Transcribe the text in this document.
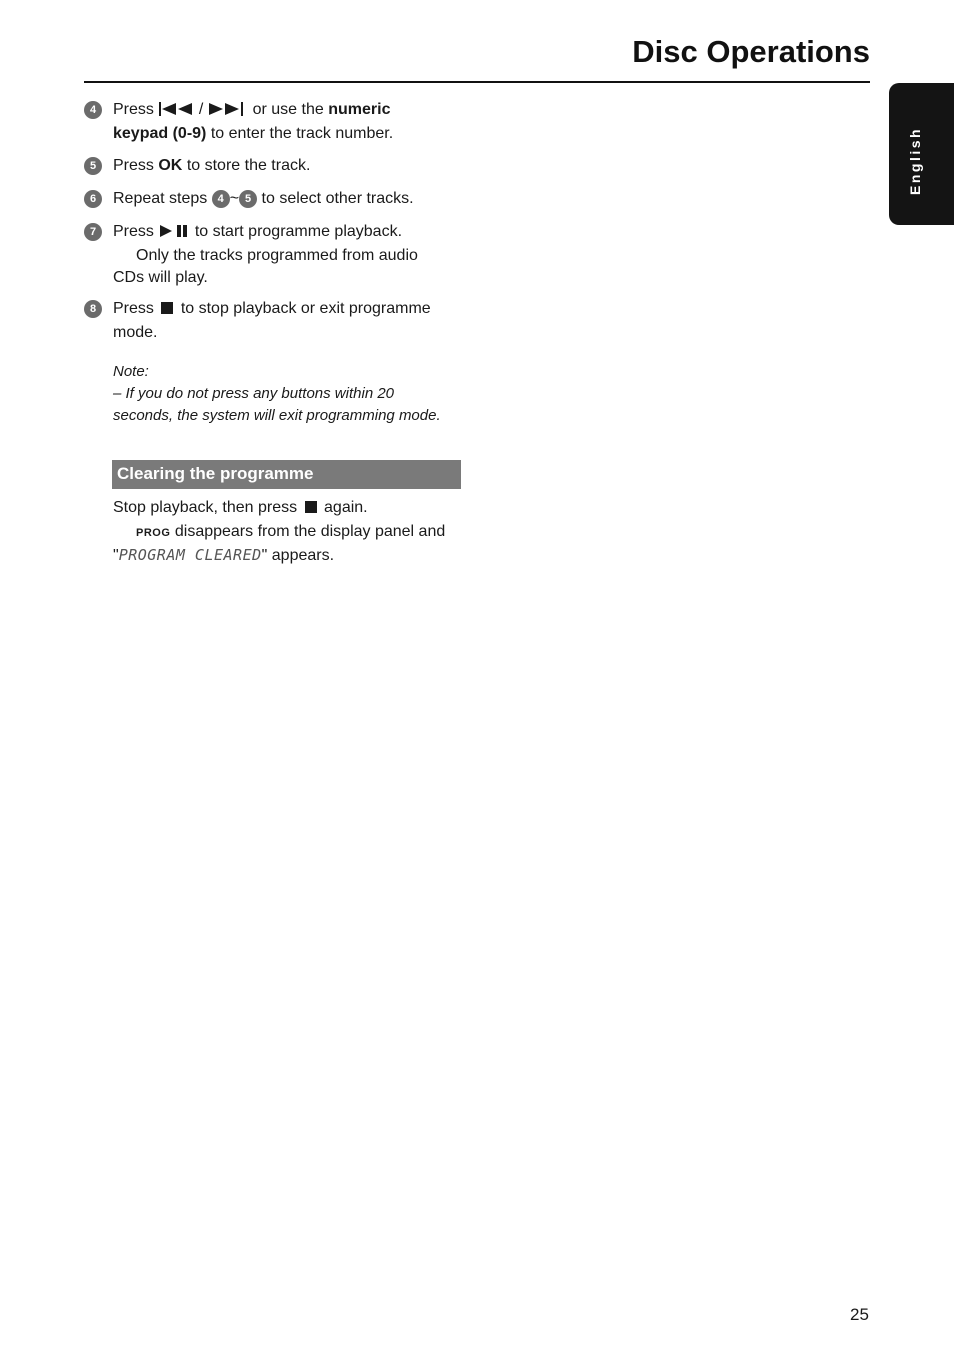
Disc Operations
English
4	Press	/	or use the numeric
keypad (0-9) to enter the track number.
5	Press OK to store the track.
6	Repeat steps 4 ~ 5 to select other tracks.
7	Press	to start programme playback.
Only the tracks programmed from audio
CDs will play.
8	Press to stop playback or exit programme
mode.
Note:
– If you do not press any buttons within 20
seconds, the system will exit programming mode.
Clearing the programme
Stop playback, then press again.
PROG disappears from the display panel and
"PROGRAM CLEARED" appears.
25
